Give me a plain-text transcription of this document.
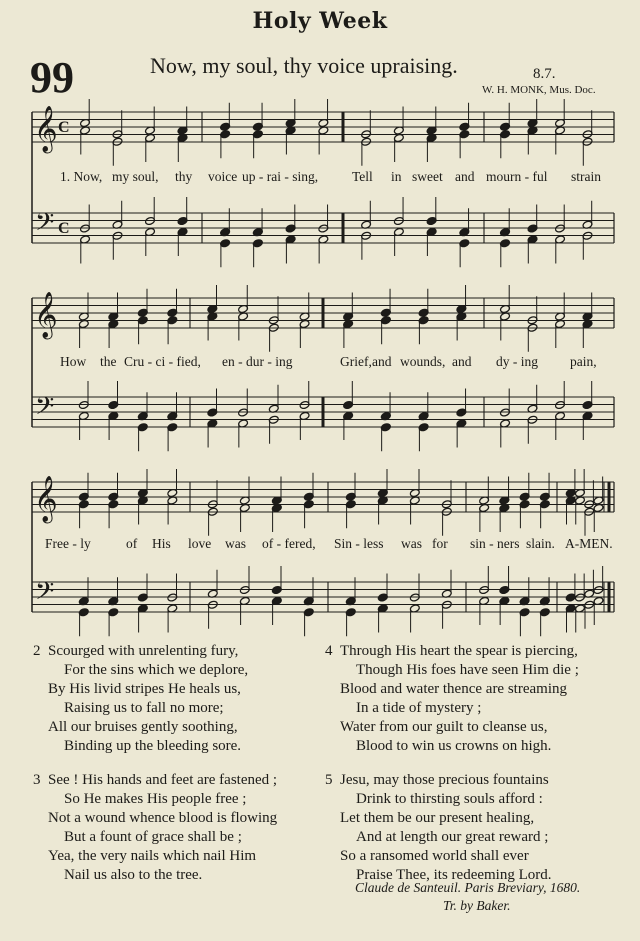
Holy Week
99	Now, my soul, thy voice upraising.	8.7.
W. H. MONK, Mus. Doc.
𝄞
𝄢
C
C
𝄞
𝄢
𝄞
𝄢
1. Now, my soul, thy voice up - rai - sing,	Tell in sweet and mourn - ful strain
How the Cru - ci - fied, en - dur - ing	Grief, and wounds, and dy - ing pain,
Free - ly	of His love was of - fered, Sin - less was for sin - ners slain. A-MEN.
2 Scourged with unrelenting fury,
For the sins which we deplore,
By His livid stripes He heals us,
Raising us to fall no more;
All our bruises gently soothing,
Binding up the bleeding sore.
3 See ! His hands and feet are fastened ;
So He makes His people free ;
Not a wound whence blood is flowing
But a fount of grace shall be ;
Yea, the very nails which nail Him
Nail us also to the tree.
4 Through His heart the spear is piercing,
Though His foes have seen Him die ;
Blood and water thence are streaming
In a tide of mystery ;
Water from our guilt to cleanse us,
Blood to win us crowns on high.
5 Jesu, may those precious fountains
Drink to thirsting souls afford :
Let them be our present healing,
And at length our great reward ;
So a ransomed world shall ever
Praise Thee, its redeeming Lord.
Claude de Santeuil. Paris Breviary, 1680.
Tr. by Baker.
